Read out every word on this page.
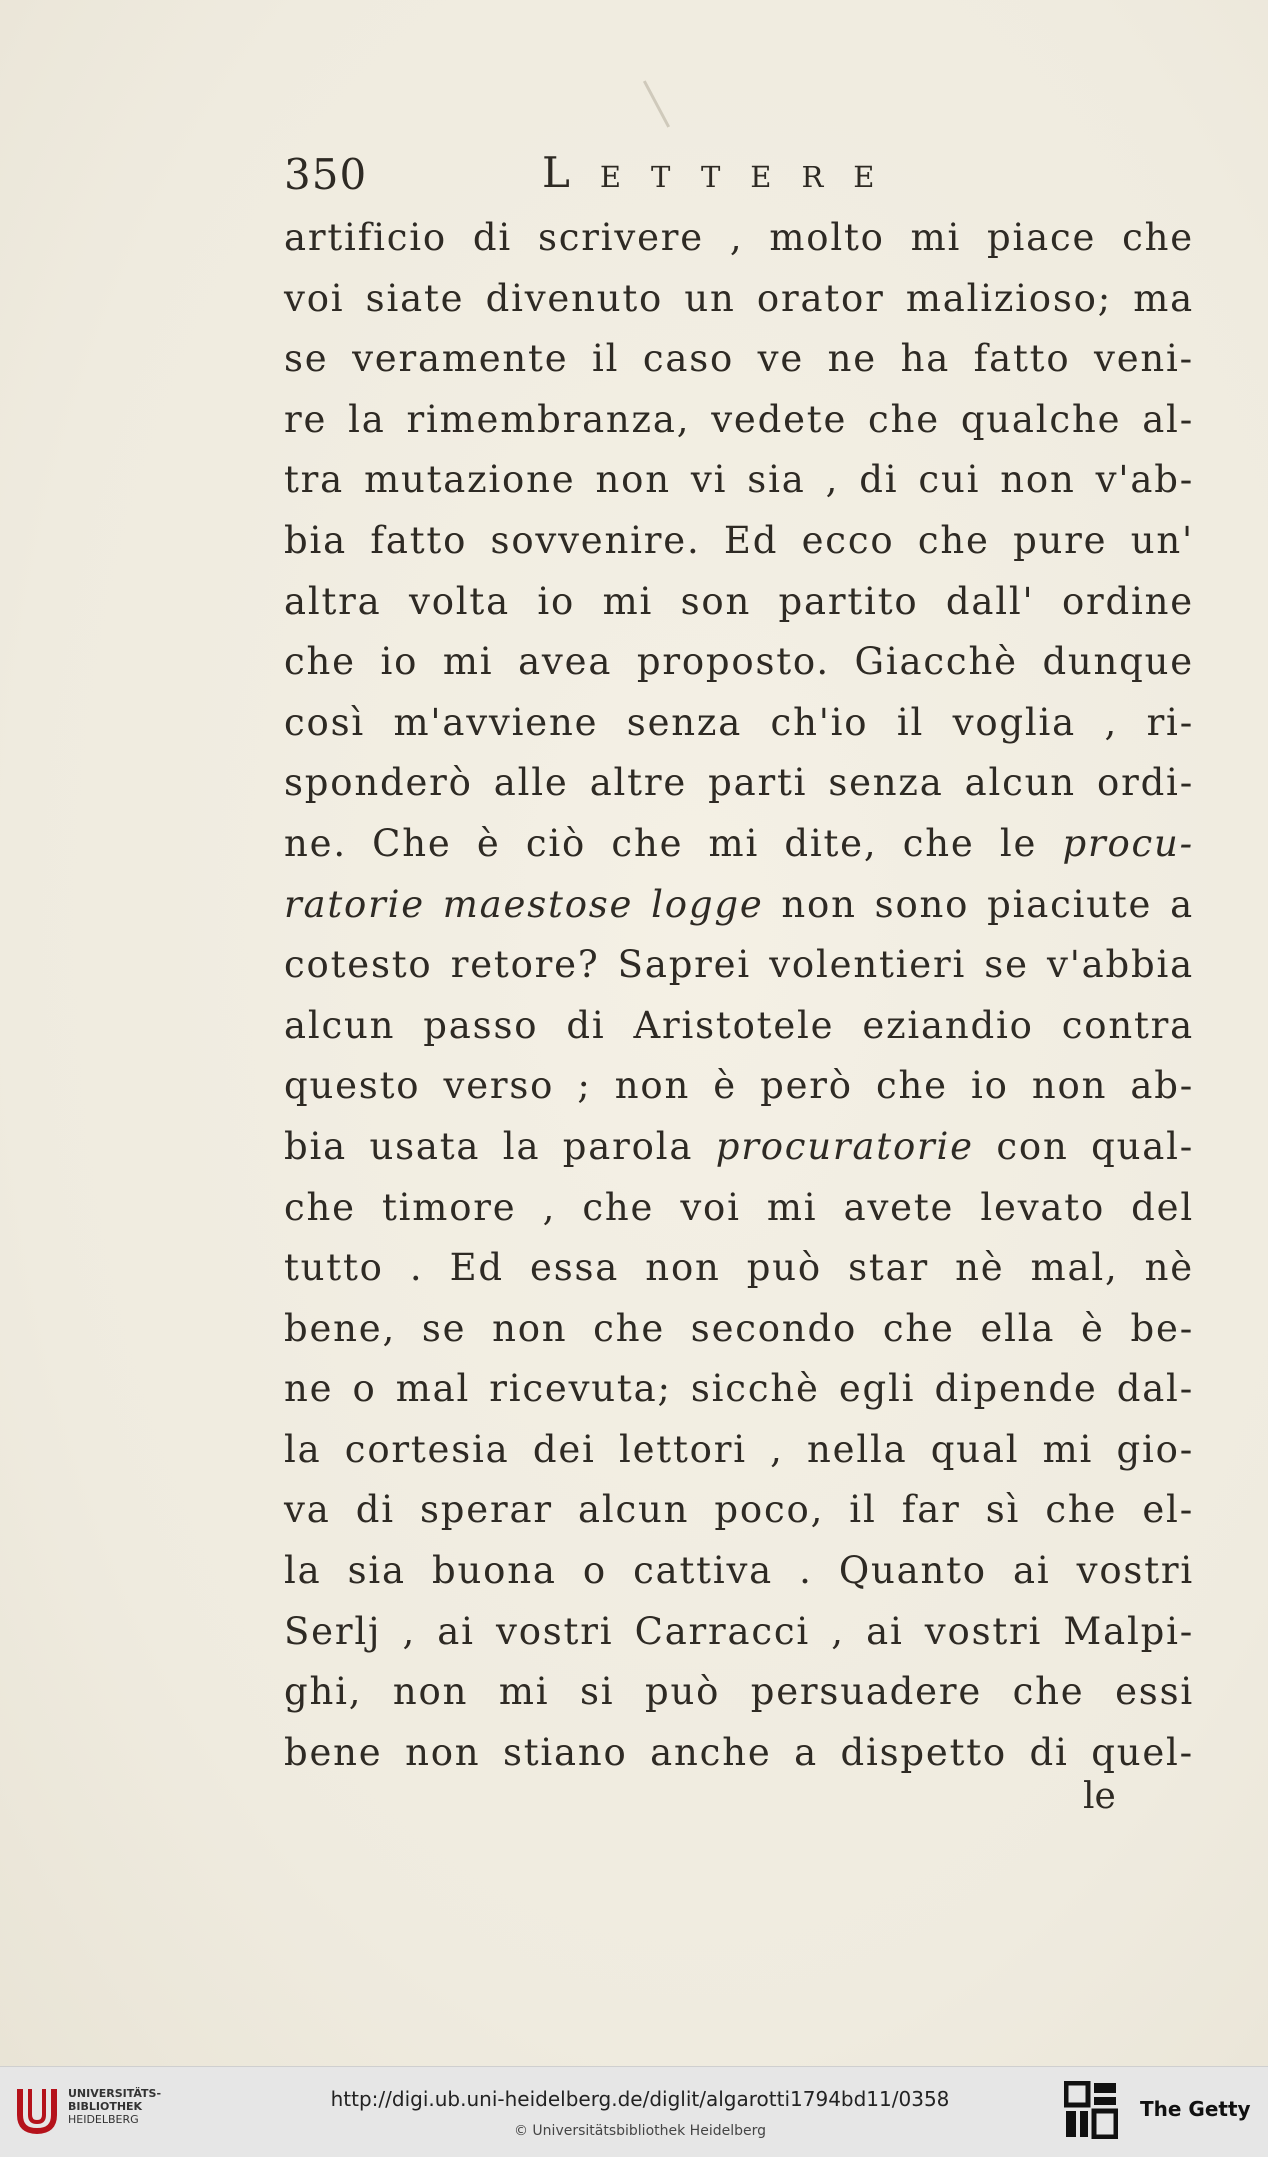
350	Lettere
artificio di scrivere , molto mi piace che
voi siate divenuto un orator malizioso; ma
se veramente il caso ve ne ha fatto veni-
re la rimembranza, vedete che qualche al-
tra mutazione non vi sia , di cui non v'ab-
bia fatto sovvenire. Ed ecco che pure un'
altra volta io mi son partito dall' ordine
che io mi avea proposto. Giacchè dunque
così m'avviene senza ch'io il voglia , ri-
sponderò alle altre parti senza alcun ordi-
ne. Che è ciò che mi dite, che le procu-
ratorie maestose logge non sono piaciute a
cotesto retore? Saprei volentieri se v'abbia
alcun passo di Aristotele eziandio contra
questo verso ; non è però che io non ab-
bia usata la parola procuratorie con qual-
che timore , che voi mi avete levato del
tutto . Ed essa non può star nè mal, nè
bene, se non che secondo che ella è be-
ne o mal ricevuta; sicchè egli dipende dal-
la cortesia dei lettori , nella qual mi gio-
va di sperar alcun poco, il far sì che el-
la sia buona o cattiva . Quanto ai vostri
Serlj , ai vostri Carracci , ai vostri Malpi-
ghi, non mi si può persuadere che essi
bene non stiano anche a dispetto di quel-
le
UNIVERSITÄTS-
BIBLIOTHEK
HEIDELBERG
http://digi.ub.uni-heidelberg.de/diglit/algarotti1794bd11/0358
© Universitätsbibliothek Heidelberg
The Getty
